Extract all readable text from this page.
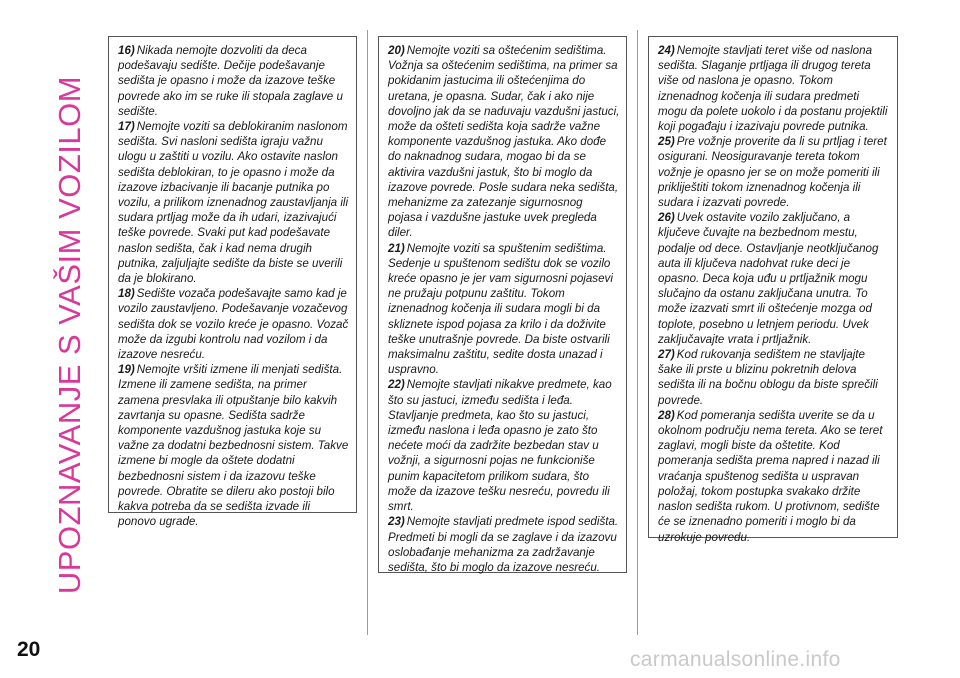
UPOZNAVANJE S VAŠIM VOZILOM

16) Nikada nemojte dozvoliti da deca podešavaju sedište. Dečije podešavanje sedišta je opasno i može da izazove teške povrede ako im se ruke ili stopala zaglave u sedište.

17) Nemojte voziti sa deblokiranim naslonom sedišta. Svi nasloni sedišta igraju važnu ulogu u zaštiti u vozilu. Ako ostavite naslon sedišta deblokiran, to je opasno i može da izazove izbacivanje ili bacanje putnika po vozilu, a prilikom iznenadnog zaustavljanja ili sudara prtljag može da ih udari, izazivajući teške povrede. Svaki put kad podešavate naslon sedišta, čak i kad nema drugih putnika, zaljuljajte sedište da biste se uverili da je blokirano.

18) Sedište vozača podešavajte samo kad je vozilo zaustavljeno. Podešavanje vozačevog sedišta dok se vozilo kreće je opasno. Vozač može da izgubi kontrolu nad vozilom i da izazove nesreću.

19) Nemojte vršiti izmene ili menjati sedišta. Izmene ili zamene sedišta, na primer zamena presvlaka ili otpuštanje bilo kakvih zavrtanja su opasne. Sedišta sadrže komponente vazdušnog jastuka koje su važne za dodatni bezbednosni sistem. Takve izmene bi mogle da oštete dodatni bezbednosni sistem i da izazovu teške povrede. Obratite se dileru ako postoji bilo kakva potreba da se sedišta izvade ili ponovo ugrade.

20) Nemojte voziti sa oštećenim sedištima. Vožnja sa oštećenim sedištima, na primer sa pokidanim jastucima ili oštećenjima do uretana, je opasna. Sudar, čak i ako nije dovoljno jak da se naduvaju vazdušni jastuci, može da ošteti sedišta koja sadrže važne komponente vazdušnog jastuka. Ako dođe do naknadnog sudara, mogao bi da se aktivira vazdušni jastuk, što bi moglo da izazove povrede. Posle sudara neka sedišta, mehanizme za zatezanje sigurnosnog pojasa i vazdušne jastuke uvek pregleda diler.

21) Nemojte voziti sa spuštenim sedištima. Sedenje u spuštenom sedištu dok se vozilo kreće opasno je jer vam sigurnosni pojasevi ne pružaju potpunu zaštitu. Tokom iznenadnog kočenja ili sudara mogli bi da skliznete ispod pojasa za krilo i da doživite teške unutrašnje povrede. Da biste ostvarili maksimalnu zaštitu, sedite dosta unazad i uspravno.

22) Nemojte stavljati nikakve predmete, kao što su jastuci, između sedišta i leđa. Stavljanje predmeta, kao što su jastuci, između naslona i leđa opasno je zato što nećete moći da zadržite bezbedan stav u vožnji, a sigurnosni pojas ne funkcioniše punim kapacitetom prilikom sudara, što može da izazove tešku nesreću, povredu ili smrt.

23) Nemojte stavljati predmete ispod sedišta. Predmeti bi mogli da se zaglave i da izazovu oslobađanje mehanizma za zadržavanje sedišta, što bi moglo da izazove nesreću.

24) Nemojte stavljati teret više od naslona sedišta. Slaganje prtljaga ili drugog tereta više od naslona je opasno. Tokom iznenadnog kočenja ili sudara predmeti mogu da polete uokolo i da postanu projektili koji pogađaju i izazivaju povrede putnika.

25) Pre vožnje proverite da li su prtljag i teret osigurani. Neosiguravanje tereta tokom vožnje je opasno jer se on može pomeriti ili prikliještiti tokom iznenadnog kočenja ili sudara i izazvati povrede.

26) Uvek ostavite vozilo zaključano, a ključeve čuvajte na bezbednom mestu, podalje od dece. Ostavljanje neotključanog auta ili ključeva nadohvat ruke deci je opasno. Deca koja uđu u prtljažnik mogu slučajno da ostanu zaključana unutra. To može izazvati smrt ili oštećenje mozga od toplote, posebno u letnjem periodu. Uvek zaključavajte vrata i prtljažnik.

27) Kod rukovanja sedištem ne stavljajte šake ili prste u blizinu pokretnih delova sedišta ili na bočnu oblogu da biste sprečili povrede.

28) Kod pomeranja sedišta uverite se da u okolnom području nema tereta. Ako se teret zaglavi, mogli biste da oštetite. Kod pomeranja sedišta prema napred i nazad ili vraćanja spuštenog sedišta u uspravan položaj, tokom postupka svakako držite naslon sedišta rukom. U protivnom, sedište će se iznenadno pomeriti i moglo bi da uzrokuje povredu.

20	carmanualsonline.info
